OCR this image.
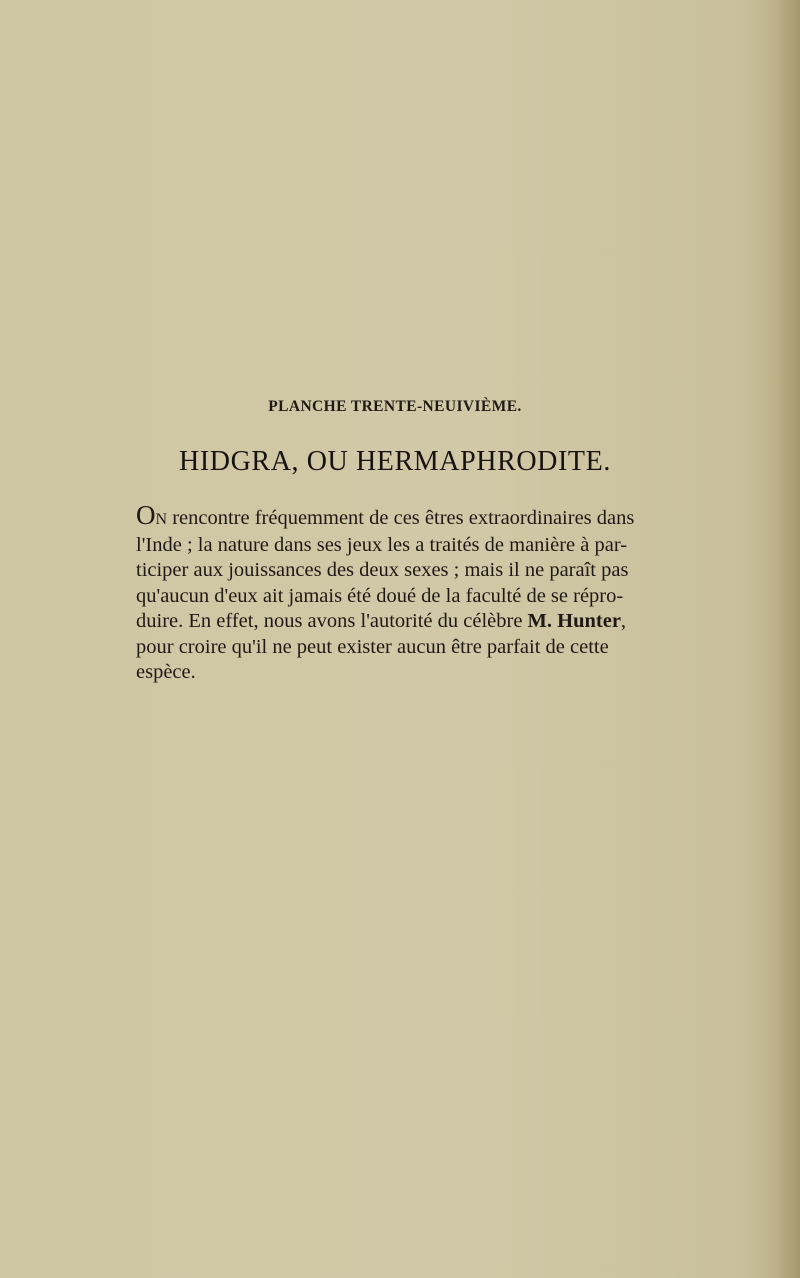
PLANCHE TRENTE-NEUIVIÈME.
HIDGRA, OU HERMAPHRODITE.

ON rencontre fréquemment de ces êtres extraordinaires dans

l'Inde ; la nature dans ses jeux les a traités de manière à par-

ticiper aux jouissances des deux sexes ; mais il ne paraît pas

qu'aucun d'eux ait jamais été doué de la faculté de se répro-

duire. En effet, nous avons l'autorité du célèbre M. Hunter,

pour croire qu'il ne peut exister aucun être parfait de cette

espèce.
